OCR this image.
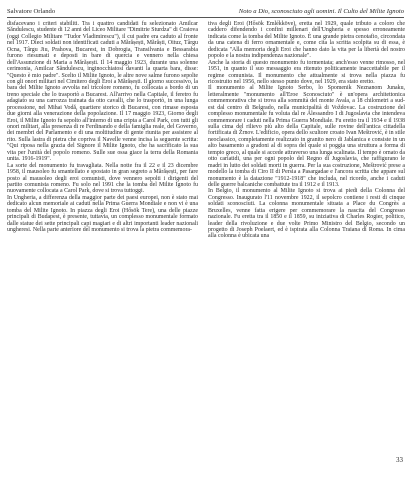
Salvatore Orlando	Noto a Dio, sconosciuto agli uomini. Il Culto del Milite Ignoto

disfacevano i criteri stabiliti. Tra i quattro candidati fu selezionato Amilcar Săndulescu, studente di 12 anni del Liceo Militare "Dimitrie Sturdza" di Craiova (oggi Collegio Militare "Tudor Vladimirescu"), il cui padre era caduto al fronte nel 1917. Dieci soldati non identificati caduti a Mărășești, Mărăști, Oituz, Târgu Ocna, Târgu Jiu, Prahova, Bucarest, in Dobrogia, Transilvania e Bessarabia furono riesumati e deposti in bare di quercia e vennero nella chiesa dell'Assunzione di Maria a Mărășești. Il 14 maggio 1923, durante una solenne cerimonia, Amilcar Săndulescu, inginocchiatosi davanti la quarta bara, disse: "Questo è mio padre". Scelto il Milite Ignoto, le altre nove salme furono sepolte con gli onori militari nel Cimitero degli Eroi a Mărășești. Il giorno successivo, la bara del Milite Ignoto avvolta nel tricolore romeno, fu collocata a bordo di un treno speciale che lo trasportò a Bucarest. All'arrivo nella Capitale, il feretro fu adagiato su una carrozza trainata da otto cavalli, che lo trasportò, in una lunga processione, nel Mihai Vodă, quartiere storico di Bucarest, con rimase esposta due giorni alla venerazione della popolazione. Il 17 maggio 1923, Giorno degli Eroi, il Milite Ignoto fu sepolto all'interno di una cripta a Carol Park, con tutti gli onori militari, alla presenza di re Ferdinando e della famiglia reale, del Governo, dei membri del Parlamento e di una moltitudine di gente riunita per assistere al rito. Sulla lastra di pietra che copriva il Navelle venne incisa la seguente scritta: "Qui riposa nella grazia del Signore il Milite Ignoto, che ha sacrificato la sua vita per l'unità del popolo romeno. Sulle sue ossa giace la terra della Romania unita. 1916-1919".

La sorte del monumento fu travagliata. Nella notte fra il 22 e il 23 dicembre 1958, il mausoleo fu smantellato e spostato in gran segreto a Mărășești, per fare posto al mausoleo degli eroi comunisti, dove vennero sepolti i dirigenti del partito comunista romeno. Fu solo nel 1991 che la tomba del Milite Ignoto fu nuovamente collocata a Carol Park, dove si trova tuttoggi.

In Ungheria, a differenza della maggior parte dei paesi europei, non è stato mai dedicato alcun memoriale ai caduti nella Prima Guerra Mondiale e non vi è una tomba del Milite Ignoto. In piazza degli Eroi (Hősök Tere), una delle piazze principali di Budapest, è presente, tuttavia, un complesso monumentale formato dalle statue dei sette principali capi magiari e di altri importanti leader nazionali ungheresi. Nella parte anteriore del monumento si trova la pietra commemora-

tiva degli Eroi (Hősök Emlékköve), eretta nel 1929, quale tributo a coloro che caddero difendendo i confini millenari dell'Ungheria e spesso erroneamente indicata come la tomba del Milite Ignoto. È una grande pietra cenotafio, circondata da una catena di ferro ornamentale e, come cita la scritta scolpita su di essa, è dedicata "Alla memoria degli Eroi che hanno dato la vita per la libertà del nostro popolo e la nostra indipendenza nazionale".

Anche la storia di questo monumento fu tormentata; anch'esso venne rimosso, nel 1951, in quanto il suo messaggio era ritenuto politicamente inaccettabile per il regime comunista. Il monumento che attualmente si trova nella piazza fu ricostruito nel 1956, nello stesso punto dove, nel 1929, era stato eretto.

Il monumento al Milite Ignoto Serbo, lo Spomenik Neznanom Junaku, letteralmente "monumento all'Eroe Sconosciuto" è un'opera architettonica commemorativa che si trova alla sommità del monte Avala, a 18 chilometri a sud-est dal centro di Belgrado, nella municipalità di Voždovac. La costruzione del complesso monumentale fu voluta dal re Alessandro I di Jugoslavia che intendeva commemorare i caduti nella Prima Guerra Mondiale. Fu eretto tra il 1934 e il 1938 sulla cima del rilievo più alto della Capitale, sulle rovine dell'antica cittadella fortificata di Žrnov. L'edificio, opera dello scultore croato Ivan Meštrović, è in stile neoclassico, completamente realizzato in granito nero di Jablanica e consiste in un alto basamento a gradoni al di sopra del quale si poggia una struttura a forma di tempio greco, al quale si accede attraverso una lunga scalinata. Il tempo è ornato da otto cariatidi, una per ogni popolo del Regno di Jugoslavia, che raffigurano le madri in lutto dei soldati morti in guerra. Per la sua costruzione, Meštrović prese a modello la tomba di Ciro II di Persia a Pasargadae e l'ancora scritta che appare sul monumento è la datazione "1912-1918" che includa, nel ricordo, anche i caduti delle guerre balcaniche combattute tra il 1912 e il 1913.

In Belgio, il monumento al Milite Ignoto si trova ai piedi della Colonna del Congresso. Inaugurato l'11 novembre 1922, il sepolcro contiene i resti di cinque soldati sconosciuti. La colonna monumentale situata a Place du Congrès a Bruxelles, venne fatta erigere per commemorare la nascita del Congresso nazionale. Fu eretta tra il 1850 e il 1859, su iniziativa di Charles Rogier, politico, leader della rivoluzione e due volte Primo Ministro del Belgio, secondo un progetto di Joseph Poelaert, ed è ispirata alla Colonna Traiana di Roma. In cima alla colonna è ubicata una

33
